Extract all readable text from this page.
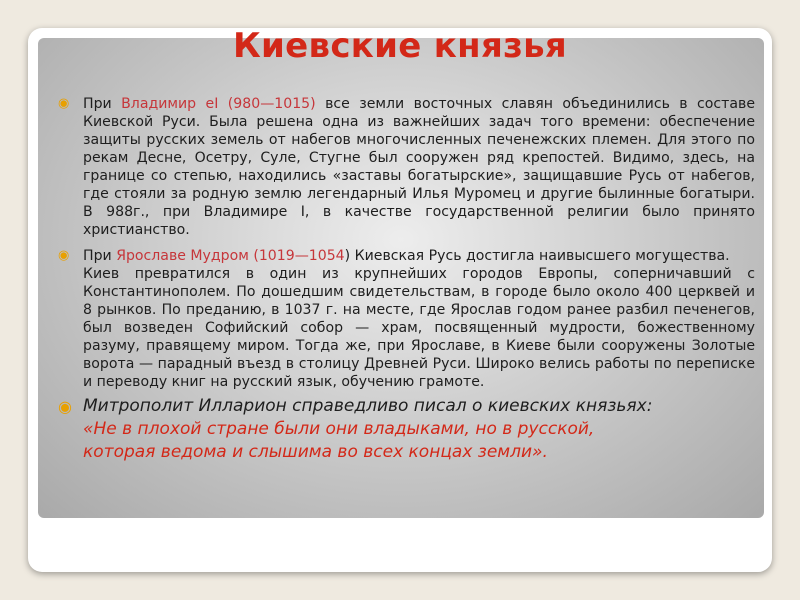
Киевские князья
◉ При Владимир еI (980—1015) все земли восточных славян объединились в составе Киевской Руси. Была решена одна из важнейших задач того времени: обеспечение защиты русских земель от набегов многочисленных печенежских племен. Для этого по рекам Десне, Осетру, Суле, Стугне был сооружен ряд крепостей. Видимо, здесь, на границе со степью, находились «заставы богатырские», защищавшие Русь от набегов, где стояли за родную землю легендарный Илья Муромец и другие былинные богатыри. В 988г., при Владимире I, в качестве государственной религии было принято христианство.

◉ При Ярославе Мудром (1019—1054) Киевская Русь достигла наивысшего могущества.

Киев превратился в один из крупнейших городов Европы, соперничавший с Константинополем. По дошедшим свидетельствам, в городе было около 400 церквей и 8 рынков. По преданию, в 1037 г. на месте, где Ярослав годом ранее разбил печенегов, был возведен Софийский собор — храм, посвященный мудрости, божественному разуму, правящему миром. Тогда же, при Ярославе, в Киеве были сооружены Золотые ворота — парадный въезд в столицу Древней Руси. Широко велись работы по переписке и переводу книг на русский язык, обучению грамоте.

◉ Митрополит Илларион справедливо писал о киевских князьях:

«Не в плохой стране были они владыками, но в русской,

которая ведома и слышима во всех концах земли».
